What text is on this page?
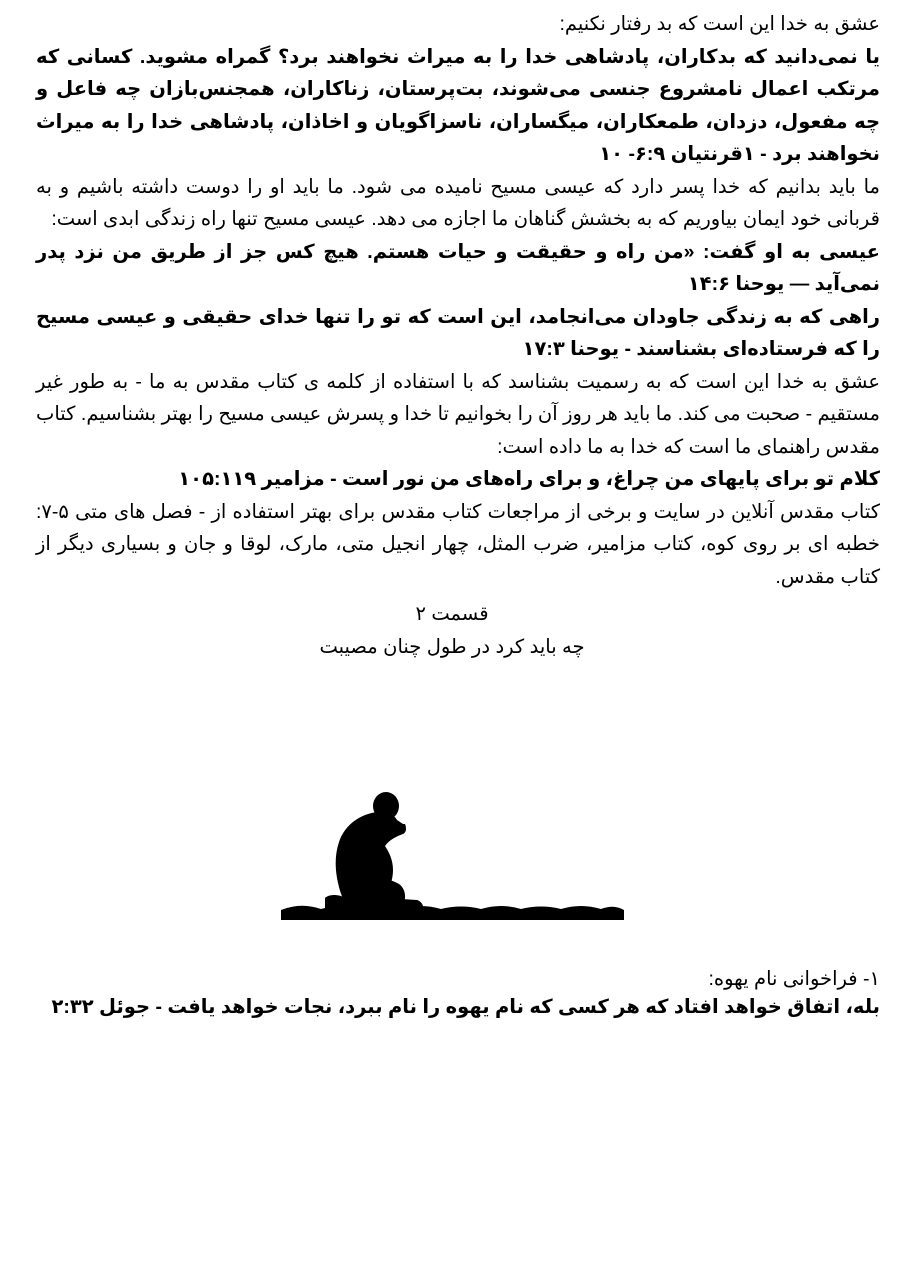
عشق به خدا این است که بد رفتار نکنیم:

یا نمی‌دانید که بدکاران، پادشاهی خدا را به میراث نخواهند برد؟ گمراه مشوید. کسانی که مرتکب اعمال نامشروع جنسی می‌شوند، بت‌پرستان، زناکاران، همجنس‌بازان چه فاعل و چه مفعول، دزدان، طمعکاران، میگساران، ناسزاگویان و اخاذان، پادشاهی خدا را به میراث نخواهند برد - ۱قرنتیان ۶:۹- ۱۰

ما باید بدانیم که خدا پسر دارد که عیسی مسیح نامیده می شود. ما باید او را دوست داشته باشیم و به قربانی خود ایمان بیاوریم که به بخشش گناهان ما اجازه می دهد. عیسی مسیح تنها راه زندگی ابدی است:

عیسی به او گفت: «من راه و حقیقت و حیات هستم. هیچ کس جز از طریق من نزد پدر نمی‌آید — یوحنا ۱۴:۶

راهی که به زندگی جاودان می‌انجامد، این است که تو را تنها خدای حقیقی و عیسی مسیح را که فرستاده‌ای بشناسند - یوحنا ۱۷:۳

عشق به خدا این است که به رسمیت بشناسد که با استفاده از کلمه ی کتاب مقدس به ما - به طور غیر مستقیم - صحبت می کند. ما باید هر روز آن را بخوانیم تا خدا و پسرش عیسی مسیح را بهتر بشناسیم. کتاب مقدس راهنمای ما است که خدا به ما داده است:

کلام تو برای پایهای من چراغ، و برای راه‌های من نور است - مزامیر ۱۰۵:۱۱۹

کتاب مقدس آنلاین در سایت و برخی از مراجعات کتاب مقدس برای بهتر استفاده از - فصل های متی ۵-۷: خطبه ای بر روی کوه، کتاب مزامیر، ضرب المثل، چهار انجیل متی، مارک، لوقا و جان و بسیاری دیگر از کتاب مقدس.

قسمت ۲
چه باید کرد در طول چنان مصیبت

۱- فراخوانی نام یهوه:

بله، اتفاق خواهد افتاد که هر کسی که نام یهوه را نام ببرد، نجات خواهد یافت - جوئل ۲:۳۲
